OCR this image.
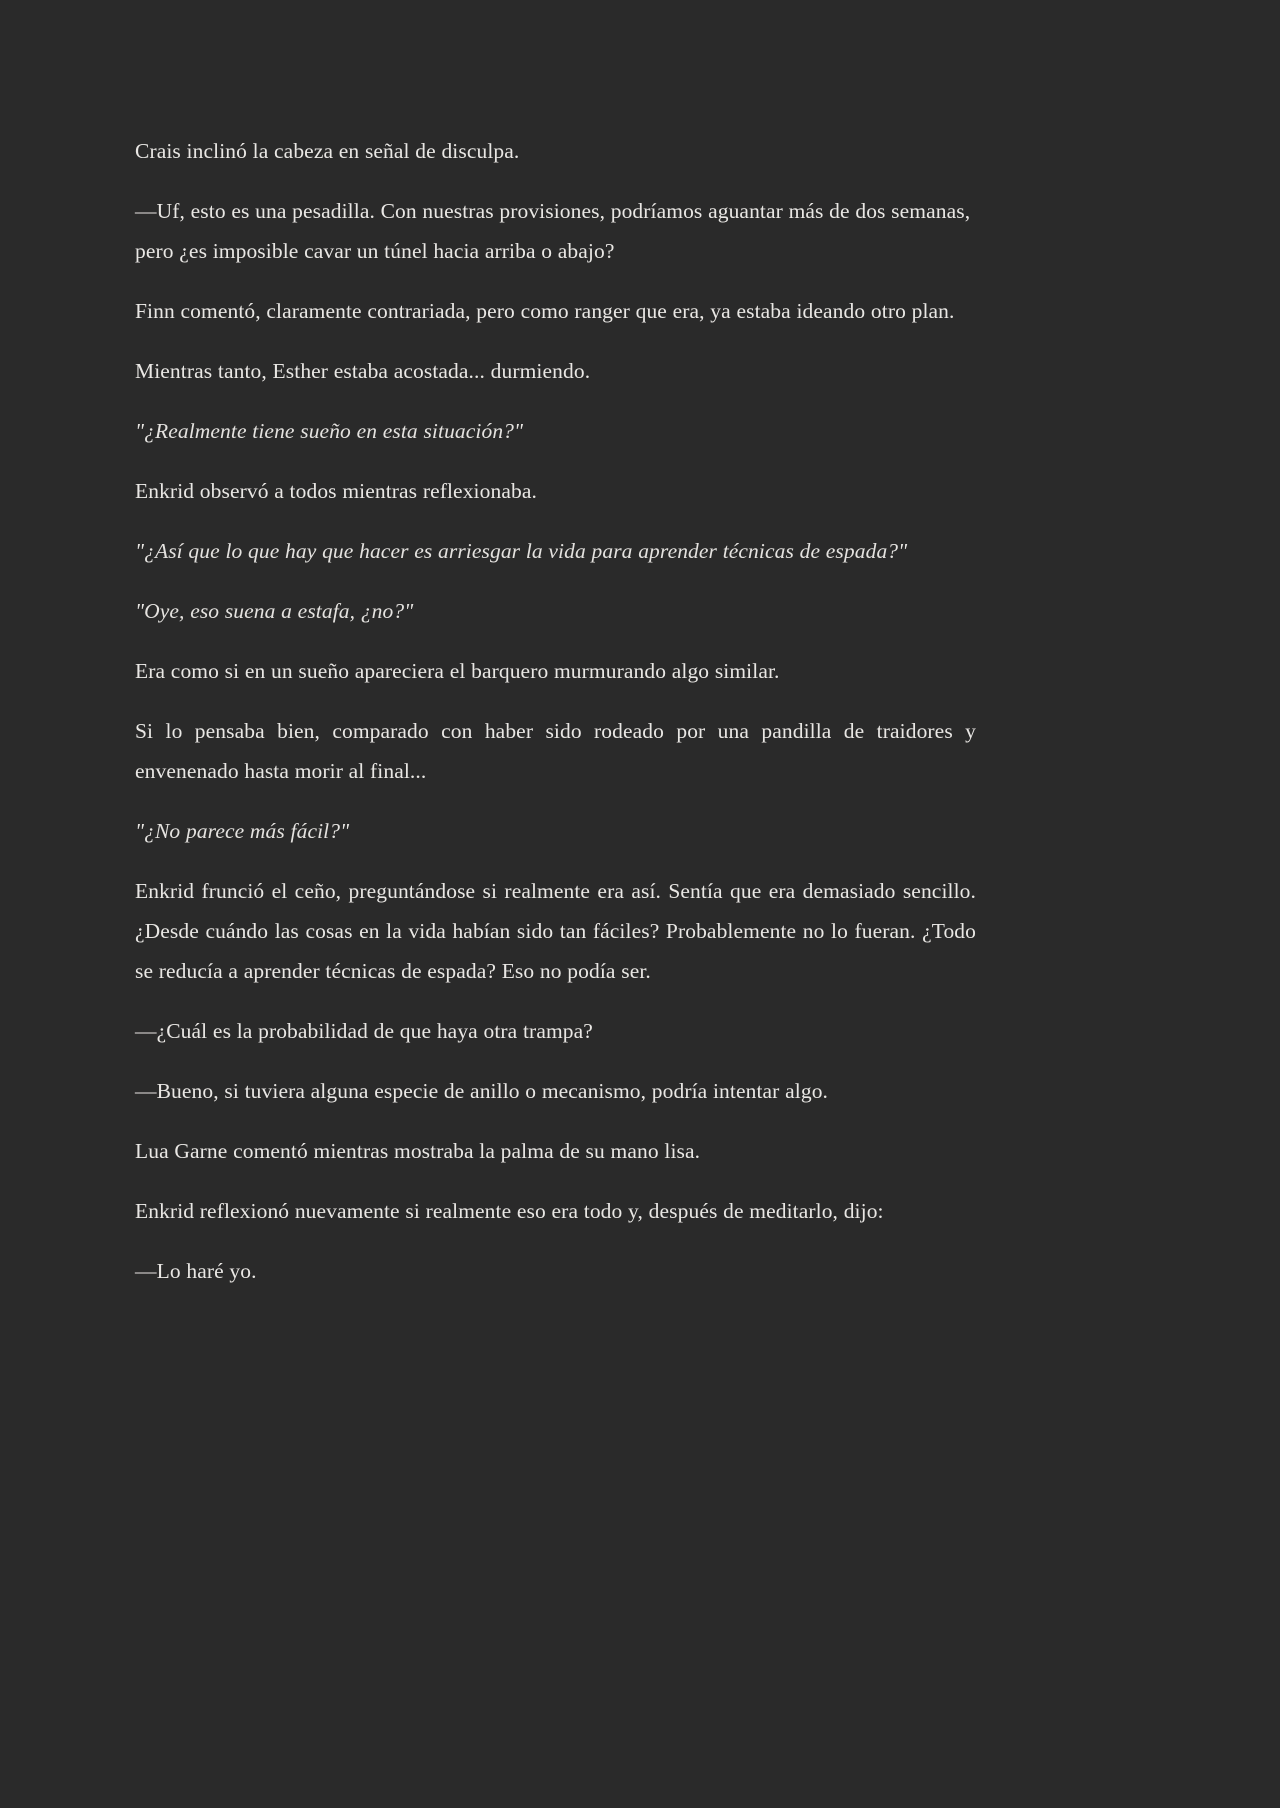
Crais inclinó la cabeza en señal de disculpa.

—Uf, esto es una pesadilla. Con nuestras provisiones, podríamos aguantar más de dos semanas, pero ¿es imposible cavar un túnel hacia arriba o abajo?

Finn comentó, claramente contrariada, pero como ranger que era, ya estaba ideando otro plan.

Mientras tanto, Esther estaba acostada... durmiendo.

"¿Realmente tiene sueño en esta situación?"

Enkrid observó a todos mientras reflexionaba.

"¿Así que lo que hay que hacer es arriesgar la vida para aprender técnicas de espada?"

"Oye, eso suena a estafa, ¿no?"

Era como si en un sueño apareciera el barquero murmurando algo similar.

Si lo pensaba bien, comparado con haber sido rodeado por una pandilla de traidores y envenenado hasta morir al final...

"¿No parece más fácil?"

Enkrid frunció el ceño, preguntándose si realmente era así. Sentía que era demasiado sencillo. ¿Desde cuándo las cosas en la vida habían sido tan fáciles? Probablemente no lo fueran. ¿Todo se reducía a aprender técnicas de espada? Eso no podía ser.

—¿Cuál es la probabilidad de que haya otra trampa?

—Bueno, si tuviera alguna especie de anillo o mecanismo, podría intentar algo.

Lua Garne comentó mientras mostraba la palma de su mano lisa.

Enkrid reflexionó nuevamente si realmente eso era todo y, después de meditarlo, dijo:

—Lo haré yo.
